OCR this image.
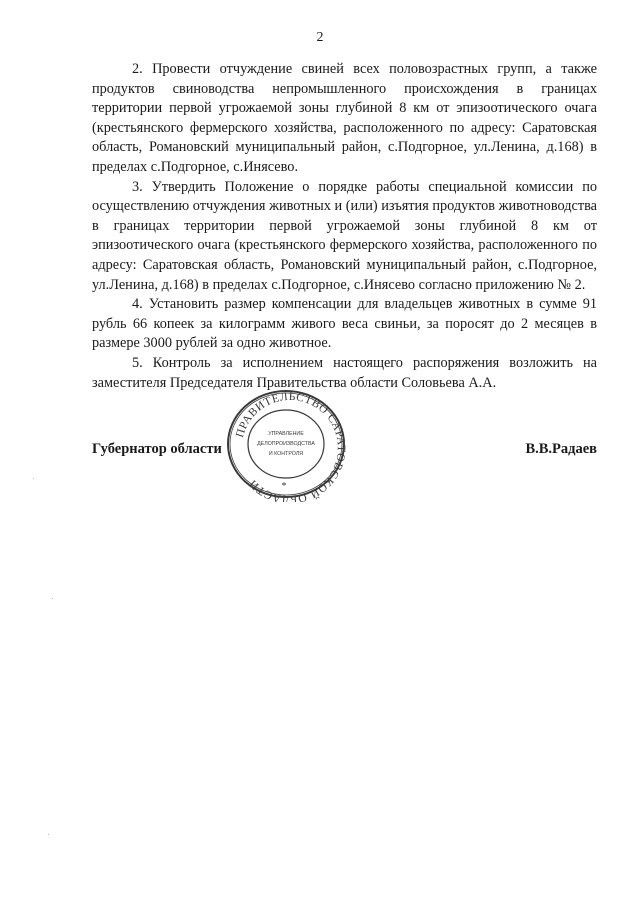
2

2. Провести отчуждение свиней всех половозрастных групп, а также продуктов свиноводства непромышленного происхождения в границах территории первой угрожаемой зоны глубиной 8 км от эпизоотического очага (крестьянского фермерского хозяйства, расположенного по адресу: Саратовская область, Романовский муниципальный район, с.Подгорное, ул.Ленина, д.168) в пределах с.Подгорное, с.Инясево.

3. Утвердить Положение о порядке работы специальной комиссии по осуществлению отчуждения животных и (или) изъятия продуктов животноводства в границах территории первой угрожаемой зоны глубиной 8 км от эпизоотического очага (крестьянского фермерского хозяйства, расположенного по адресу: Саратовская область, Романовский муниципальный район, с.Подгорное, ул.Ленина, д.168) в пределах с.Подгорное, с.Инясево согласно приложению № 2.

4. Установить размер компенсации для владельцев животных в сумме 91 рубль 66 копеек за килограмм живого веса свиньи, за поросят до 2 месяцев в размере 3000 рублей за одно животное.

5. Контроль за исполнением настоящего распоряжения возложить на заместителя Председателя Правительства области Соловьева А.А.

Губернатор области	В.В.Радаев
ПРАВИТЕЛЬСТВО САРАТОВСКОЙ ОБЛАСТИ	*
УПРАВЛЕНИЕ
ДЕЛОПРОИЗВОДСТВА
И КОНТРОЛЯ
